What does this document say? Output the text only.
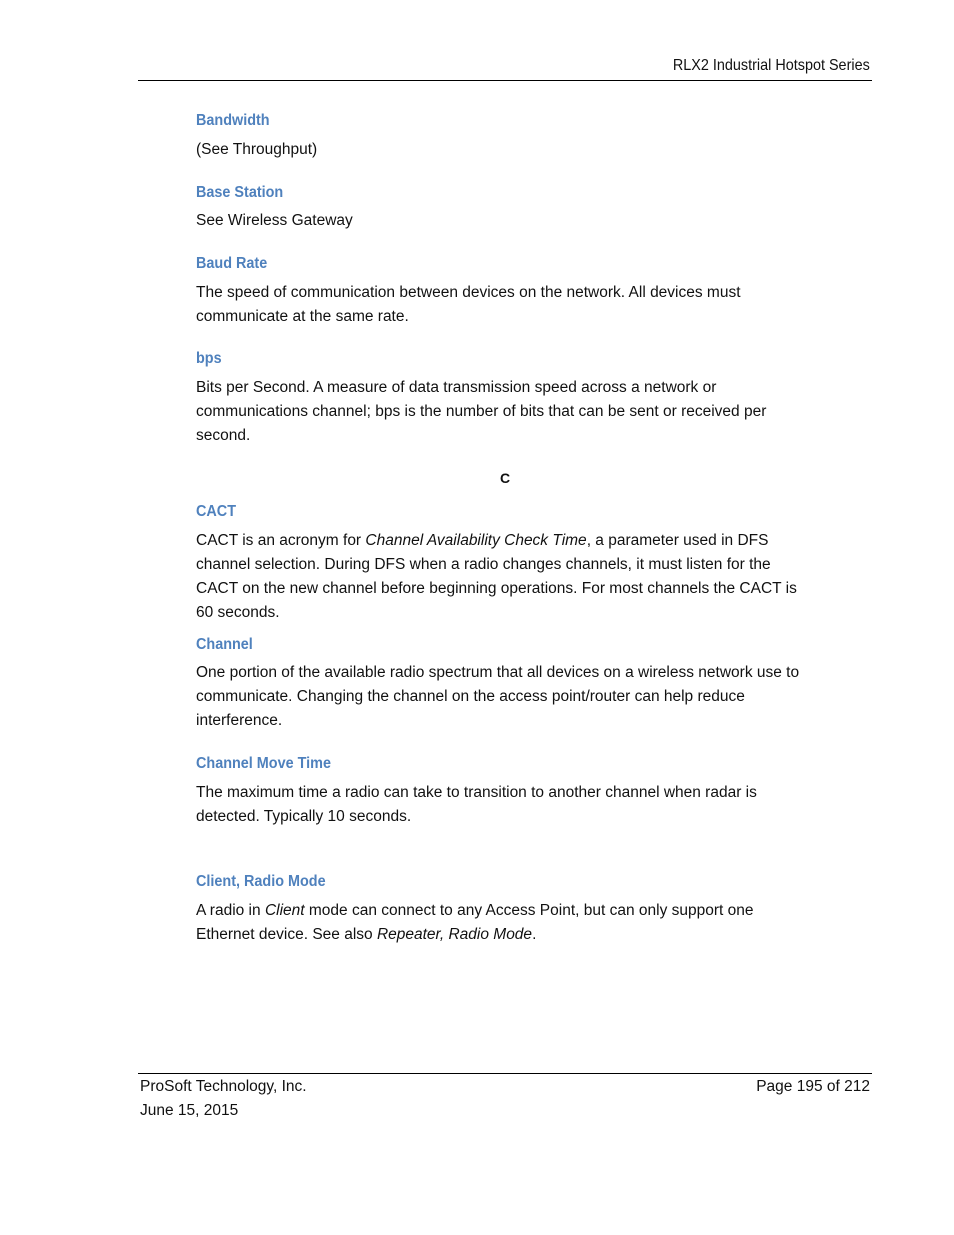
RLX2 Industrial Hotspot Series
Bandwidth
(See Throughput)
Base Station
See Wireless Gateway
Baud Rate
The speed of communication between devices on the network. All devices must
communicate at the same rate.
bps
Bits per Second. A measure of data transmission speed across a network or
communications channel; bps is the number of bits that can be sent or received per
second.
CACT
CACT is an acronym for Channel Availability Check Time, a parameter used in DFS
channel selection. During DFS when a radio changes channels, it must listen for the
CACT on the new channel before beginning operations. For most channels the CACT is
60 seconds.
Channel
One portion of the available radio spectrum that all devices on a wireless network use to
communicate. Changing the channel on the access point/router can help reduce
interference.
Channel Move Time
The maximum time a radio can take to transition to another channel when radar is
detected. Typically 10 seconds.
Client, Radio Mode
A radio in Client mode can connect to any Access Point, but can only support one
Ethernet device. See also Repeater, Radio Mode.
C
ProSoft Technology, Inc.
June 15, 2015
Page 195 of 212
